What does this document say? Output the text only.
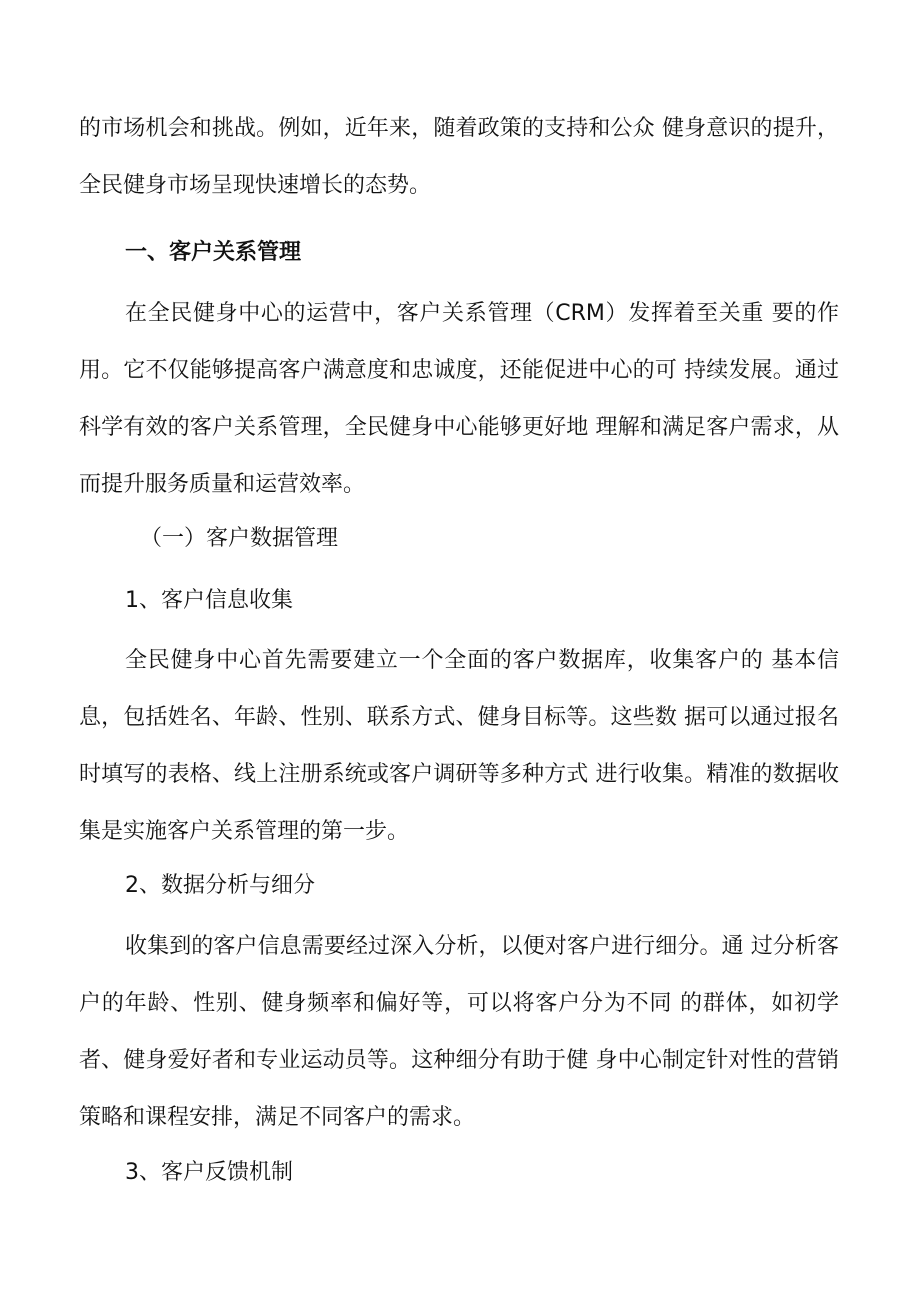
的市场机会和挑战。例如，近年来，随着政策的支持和公众 健身意识的提升，全民健身市场呈现快速增长的态势。

一、客户关系管理

在全民健身中心的运营中，客户关系管理（CRM）发挥着至关重 要的作用。它不仅能够提高客户满意度和忠诚度，还能促进中心的可 持续发展。通过科学有效的客户关系管理，全民健身中心能够更好地 理解和满足客户需求，从而提升服务质量和运营效率。

（一）客户数据管理

1、客户信息收集

全民健身中心首先需要建立一个全面的客户数据库，收集客户的 基本信息，包括姓名、年龄、性别、联系方式、健身目标等。这些数 据可以通过报名时填写的表格、线上注册系统或客户调研等多种方式 进行收集。精准的数据收集是实施客户关系管理的第一步。

2、数据分析与细分

收集到的客户信息需要经过深入分析，以便对客户进行细分。通 过分析客户的年龄、性别、健身频率和偏好等，可以将客户分为不同 的群体，如初学者、健身爱好者和专业运动员等。这种细分有助于健 身中心制定针对性的营销策略和课程安排，满足不同客户的需求。

3、客户反馈机制
